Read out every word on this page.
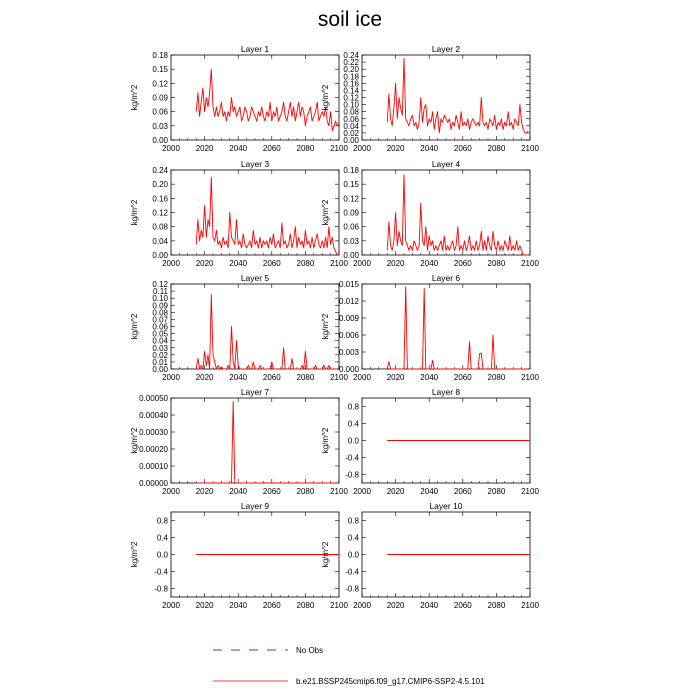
soil ice
Layer 1
2000 2020 2040 2060 2080 2100
0.00
0.03
0.06
0.09
0.12
0.15
0.18
kg/m^2
Layer 2
2000 2020 2040 2060 2080 2100
0.00
0.02
0.04
0.06
0.08
0.10
0.12
0.14
0.16
0.18
0.20
0.22
0.24
kg/m^2
Layer 3
2000 2020 2040 2060 2080 2100
0.00
0.04
0.08
0.12
0.16
0.20
0.24
kg/m^2
Layer 4
2000 2020 2040 2060 2080 2100
0.00
0.03
0.06
0.09
0.12
0.15
0.18
kg/m^2
Layer 5
2000 2020 2040 2060 2080 2100
0.00
0.01
0.02
0.03
0.04
0.05
0.06
0.07
0.08
0.09
0.10
0.11
0.12
kg/m^2
Layer 6
2000 2020 2040 2060 2080 2100
0.000
0.003
0.006
0.009
0.012
0.015
kg/m^2
Layer 7
2000 2020 2040 2060 2080 2100
0.00000
0.00010
0.00020
0.00030
0.00040
0.00050
kg/m^2
Layer 8
2000 2020 2040 2060 2080 2100
-0.8
-0.4
0.0
0.4
0.8
kg/m^2
Layer 9
2000 2020 2040 2060 2080 2100
-0.8
-0.4
0.0
0.4
0.8
kg/m^2
Layer 10
2000 2020 2040 2060 2080 2100
-0.8
-0.4
0.0
0.4
0.8
kg/m^2
No Obs
b.e21.BSSP245cmip6.f09_g17.CMIP6-SSP2-4.5.101
